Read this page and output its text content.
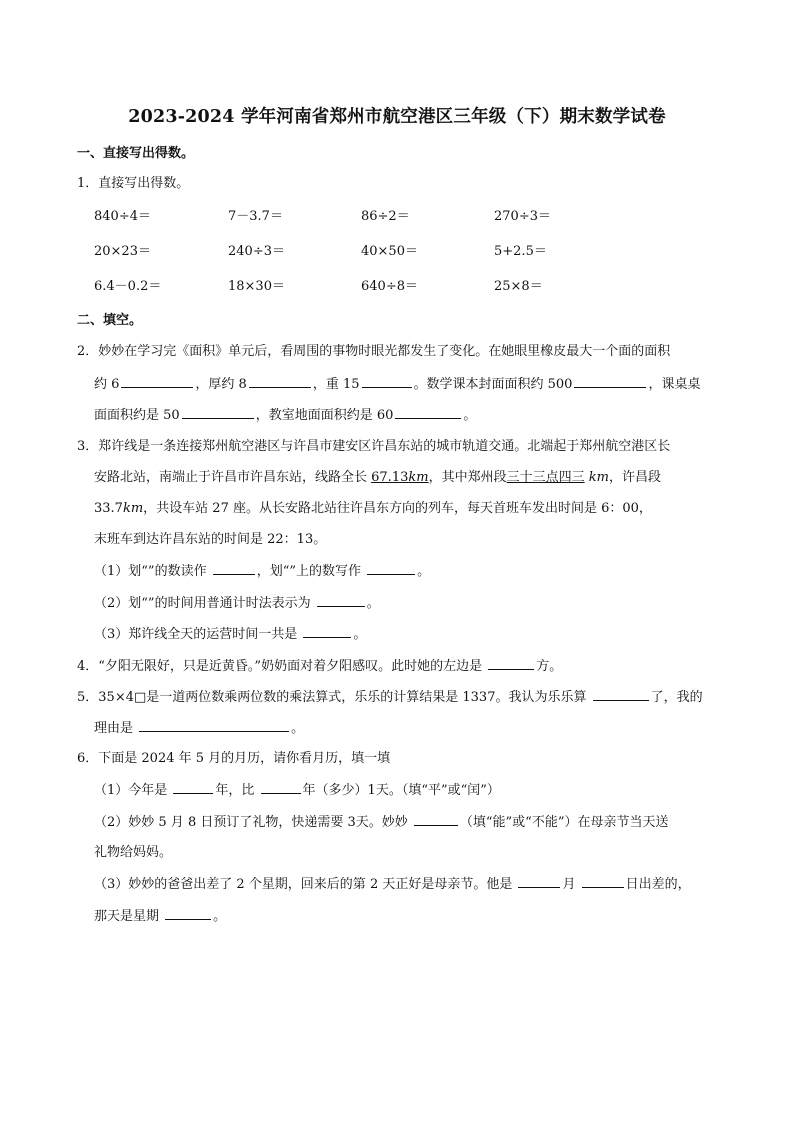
2023-2024 学年河南省郑州市航空港区三年级（下）期末数学试卷
一、直接写出得数。
1．直接写出得数。
840÷4＝	7－3.7＝	86÷2＝	270÷3＝
20×23＝	240÷3＝	40×50＝	5+2.5＝
6.4－0.2＝	18×30＝	640÷8＝	25×8＝
二、填空。
2．妙妙在学习完《面积》单元后，看周围的事物时眼光都发生了变化。在她眼里橡皮最大一个面的面积
约 6	，厚约 8	，重 15	。数学课本封面面积约 500	，课桌桌
面面积约是 50	，教室地面面积约是 60	。
3．郑许线是一条连接郑州航空港区与许昌市建安区许昌东站的城市轨道交通。北端起于郑州航空港区长
安路北站，南端止于许昌市许昌东站，线路全长 67.13km，其中郑州段三十三点四三 km，许昌段
33.7km，共设车站 27 座。从长安路北站往许昌东方向的列车，每天首班车发出时间是 6：00，
末班车到达许昌东站的时间是 22：13。
（1）划“”的数读作	，划“”上的数写作	。
（2）划“”的时间用普通计时法表示为	。
（3）郑许线全天的运营时间一共是	。
4．“夕阳无限好，只是近黄昏。”奶奶面对着夕阳感叹。此时她的左边是	方。
5．35×4□是一道两位数乘两位数的乘法算式，乐乐的计算结果是 1337。我认为乐乐算	了，我的
理由是	。
6．下面是 2024 年 5 月的月历，请你看月历，填一填
（1）今年是	年，比	年（多少）1天。（填“平”或“闰”）
（2）妙妙 5 月 8 日预订了礼物，快递需要 3天。妙妙	（填“能”或“不能”）在母亲节当天送
礼物给妈妈。
（3）妙妙的爸爸出差了 2 个星期，回来后的第 2 天正好是母亲节。他是	月	日出差的，
那天是星期	。
